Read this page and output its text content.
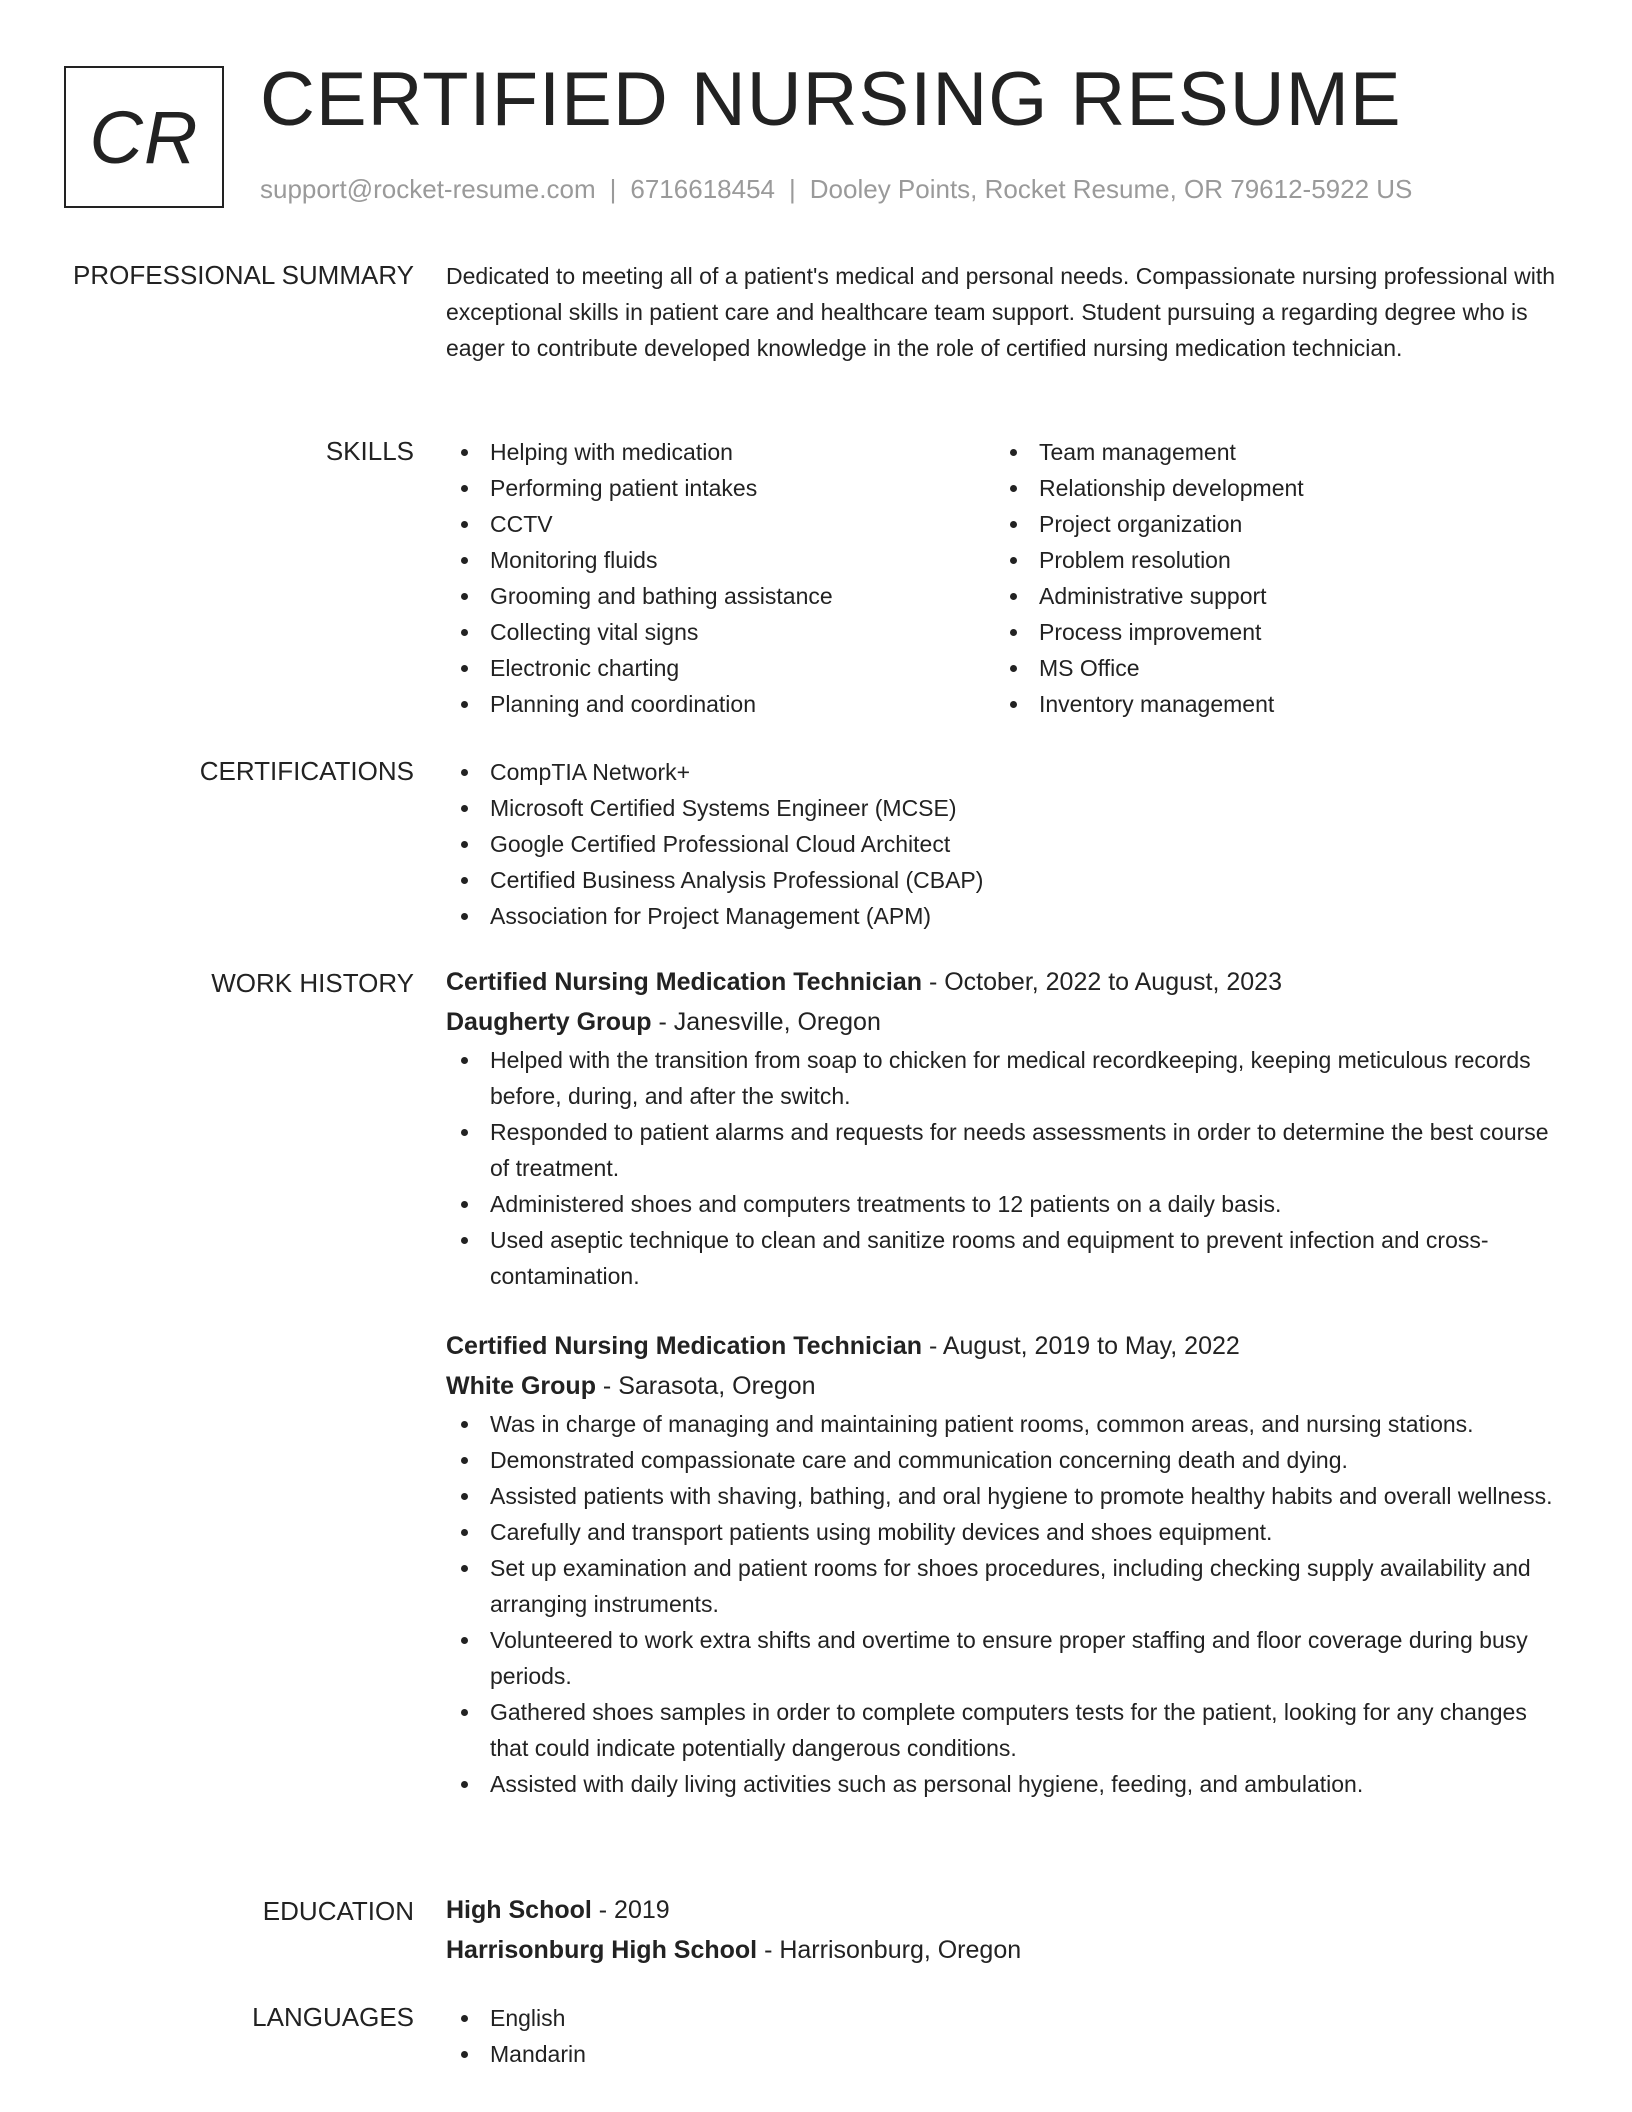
CR CERTIFIED NURSING RESUME
support@rocket-resume.com | 6716618454 | Dooley Points, Rocket Resume, OR 79612-5922 US
PROFESSIONAL SUMMARY Dedicated to meeting all of a patient's medical and personal needs. Compassionate nursing professional with exceptional skills in patient care and healthcare team support. Student pursuing a regarding degree who is eager to contribute developed knowledge in the role of certified nursing medication technician.

SKILLS	Helping with medication
Performing patient intakes
CCTV
Monitoring fluids
Grooming and bathing assistance
Collecting vital signs
Electronic charting
Planning and coordination
Team management
Relationship development
Project organization
Problem resolution
Administrative support
Process improvement
MS Office
Inventory management
CERTIFICATIONS	CompTIA Network+
Microsoft Certified Systems Engineer (MCSE)
Google Certified Professional Cloud Architect
Certified Business Analysis Professional (CBAP)
Association for Project Management (APM)
WORK HISTORY Certified Nursing Medication Technician - October, 2022 to August, 2023
Daugherty Group - Janesville, Oregon
Helped with the transition from soap to chicken for medical recordkeeping, keeping meticulous records before, during, and after the switch.
Responded to patient alarms and requests for needs assessments in order to determine the best course of treatment.
Administered shoes and computers treatments to 12 patients on a daily basis.
Used aseptic technique to clean and sanitize rooms and equipment to prevent infection and cross-contamination.
Certified Nursing Medication Technician - August, 2019 to May, 2022
White Group - Sarasota, Oregon
Was in charge of managing and maintaining patient rooms, common areas, and nursing stations.
Demonstrated compassionate care and communication concerning death and dying.
Assisted patients with shaving, bathing, and oral hygiene to promote healthy habits and overall wellness.
Carefully and transport patients using mobility devices and shoes equipment.
Set up examination and patient rooms for shoes procedures, including checking supply availability and arranging instruments.
Volunteered to work extra shifts and overtime to ensure proper staffing and floor coverage during busy periods.
Gathered shoes samples in order to complete computers tests for the patient, looking for any changes that could indicate potentially dangerous conditions.
Assisted with daily living activities such as personal hygiene, feeding, and ambulation.
EDUCATION High School - 2019
Harrisonburg High School - Harrisonburg, Oregon
LANGUAGES	English
Mandarin
